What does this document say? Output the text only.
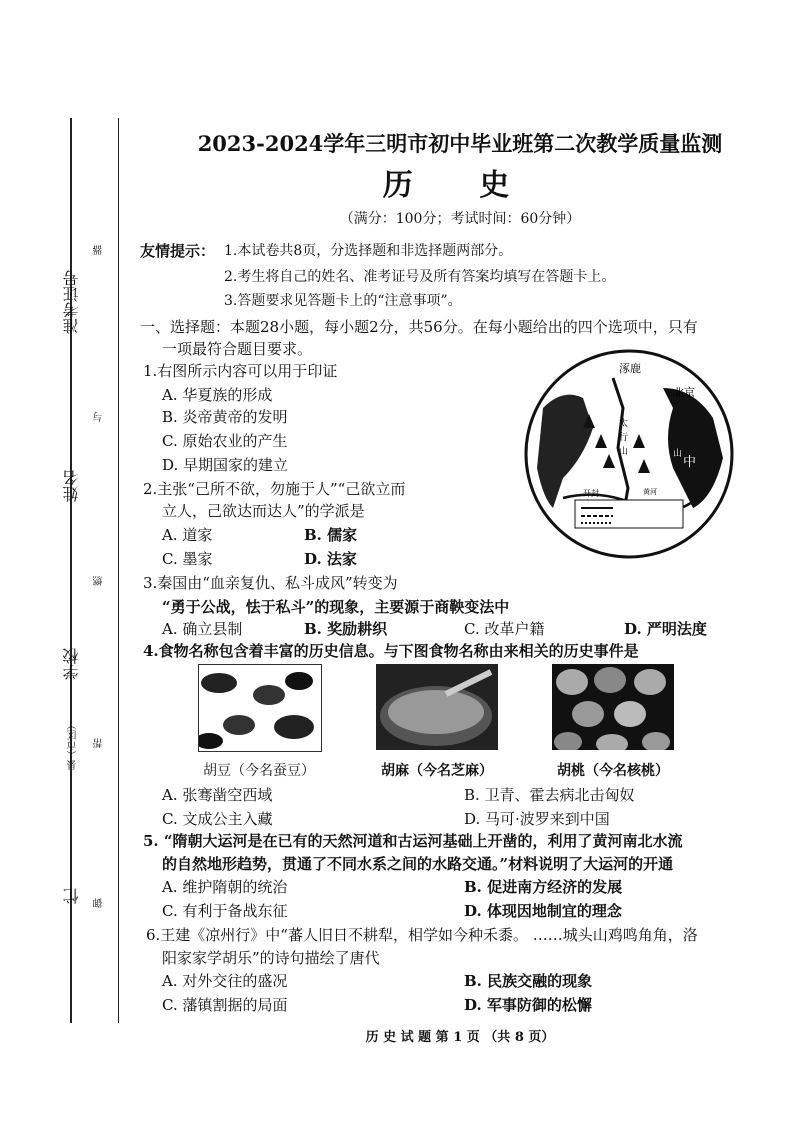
准考证号
姓名
学校
县（市区）
忙
器
与
燃
帮
御
2023-2024学年三明市初中毕业班第二次教学质量监测
历 史
（满分：100分；考试时间：60分钟）
友情提示： 1.本试卷共8页，分选择题和非选择题两部分。
2.考生将自己的姓名、准考证号及所有答案均填写在答题卡上。
3.答题要求见答题卡上的“注意事项”。
一、选择题：本题28小题，每小题2分，共56分。在每小题给出的四个选项中，只有
一项最符合题目要求。
1.右图所示内容可以用于印证
A. 华夏族的形成
B. 炎帝黄帝的发明
C. 原始农业的产生
D. 早期国家的建立
涿鹿
北京
中
山
开封	黄河
太
行
山
2.主张“己所不欲，勿施于人”“己欲立而
立人，己欲达而达人”的学派是
A. 道家	B. 儒家
C. 墨家	D. 法家
3.秦国由“血亲复仇、私斗成风”转变为
“勇于公战，怯于私斗”的现象，主要源于商鞅变法中
A. 确立县制	B. 奖励耕织	C. 改革户籍	D. 严明法度
4.食物名称包含着丰富的历史信息。与下图食物名称由来相关的历史事件是
胡豆（今名蚕豆）	胡麻（今名芝麻）	胡桃（今名核桃）
A. 张骞凿空西域	B. 卫青、霍去病北击匈奴
C. 文成公主入藏	D. 马可·波罗来到中国
5. “隋朝大运河是在已有的天然河道和古运河基础上开凿的，利用了黄河南北水流
的自然地形趋势，贯通了不同水系之间的水路交通。”材料说明了大运河的开通
A. 维护隋朝的统治	B. 促进南方经济的发展
C. 有利于备战东征	D. 体现因地制宜的理念
6.王建《凉州行》中“蕃人旧日不耕犁，相学如今种禾黍。 ……城头山鸡鸣角角，洛
阳家家学胡乐”的诗句描绘了唐代
A. 对外交往的盛况	B. 民族交融的现象
C. 藩镇割据的局面	D. 军事防御的松懈
历 史 试 题 第 1 页 （共 8 页）
